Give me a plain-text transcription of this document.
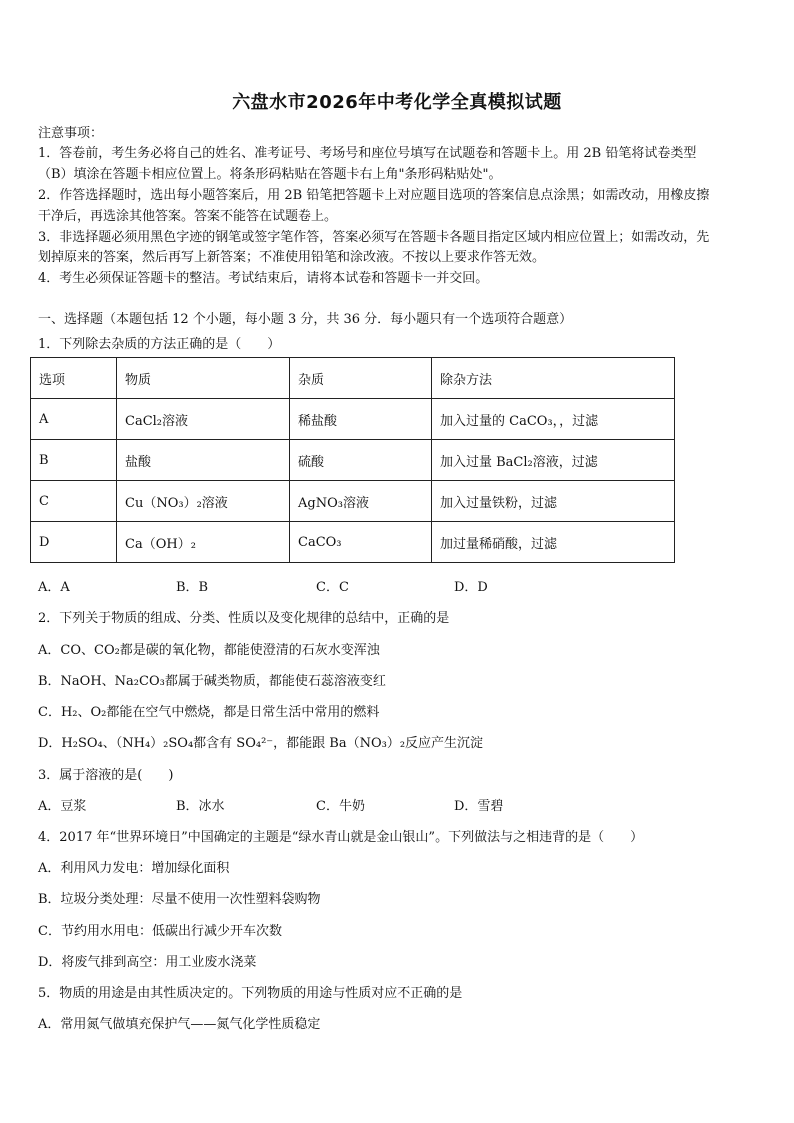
六盘水市2026年中考化学全真模拟试题
注意事项：
1．答卷前，考生务必将自己的姓名、准考证号、考场号和座位号填写在试题卷和答题卡上。用 2B 铅笔将试卷类型
（B）填涂在答题卡相应位置上。将条形码粘贴在答题卡右上角"条形码粘贴处"。
2．作答选择题时，选出每小题答案后，用 2B 铅笔把答题卡上对应题目选项的答案信息点涂黑；如需改动，用橡皮擦
干净后，再选涂其他答案。答案不能答在试题卷上。
3．非选择题必须用黑色字迹的钢笔或签字笔作答，答案必须写在答题卡各题目指定区域内相应位置上；如需改动，先
划掉原来的答案，然后再写上新答案；不准使用铅笔和涂改液。不按以上要求作答无效。
4．考生必须保证答题卡的整洁。考试结束后，请将本试卷和答题卡一并交回。
一、选择题（本题包括 12 个小题，每小题 3 分，共 36 分．每小题只有一个选项符合题意）
1．下列除去杂质的方法正确的是（　　）
选项	物质	杂质	除杂方法
A	CaCl₂溶液	稀盐酸	加入过量的 CaCO₃，，过滤
B	盐酸	硫酸	加入过量 BaCl₂溶液，过滤
C	Cu（NO₃）₂溶液	AgNO₃溶液	加入过量铁粉，过滤
D	Ca（OH）₂	CaCO₃	加过量稀硝酸，过滤
A．A	B．B	C．C	D．D
2．下列关于物质的组成、分类、性质以及变化规律的总结中，正确的是
A．CO、CO₂都是碳的氧化物，都能使澄清的石灰水变浑浊
B．NaOH、Na₂CO₃都属于碱类物质，都能使石蕊溶液变红
C．H₂、O₂都能在空气中燃烧，都是日常生活中常用的燃料
D．H₂SO₄、（NH₄）₂SO₄都含有 SO₄²⁻，都能跟 Ba（NO₃）₂反应产生沉淀
3．属于溶液的是(　　)
A．豆浆	B．冰水	C．牛奶	D．雪碧
4．2017 年“世界环境日”中国确定的主题是“绿水青山就是金山银山”。下列做法与之相违背的是（　　）
A．利用风力发电：增加绿化面积
B．垃圾分类处理：尽量不使用一次性塑料袋购物
C．节约用水用电：低碳出行减少开车次数
D．将废气排到高空：用工业废水浇菜
5．物质的用途是由其性质决定的。下列物质的用途与性质对应不正确的是
A．常用氮气做填充保护气——氮气化学性质稳定
